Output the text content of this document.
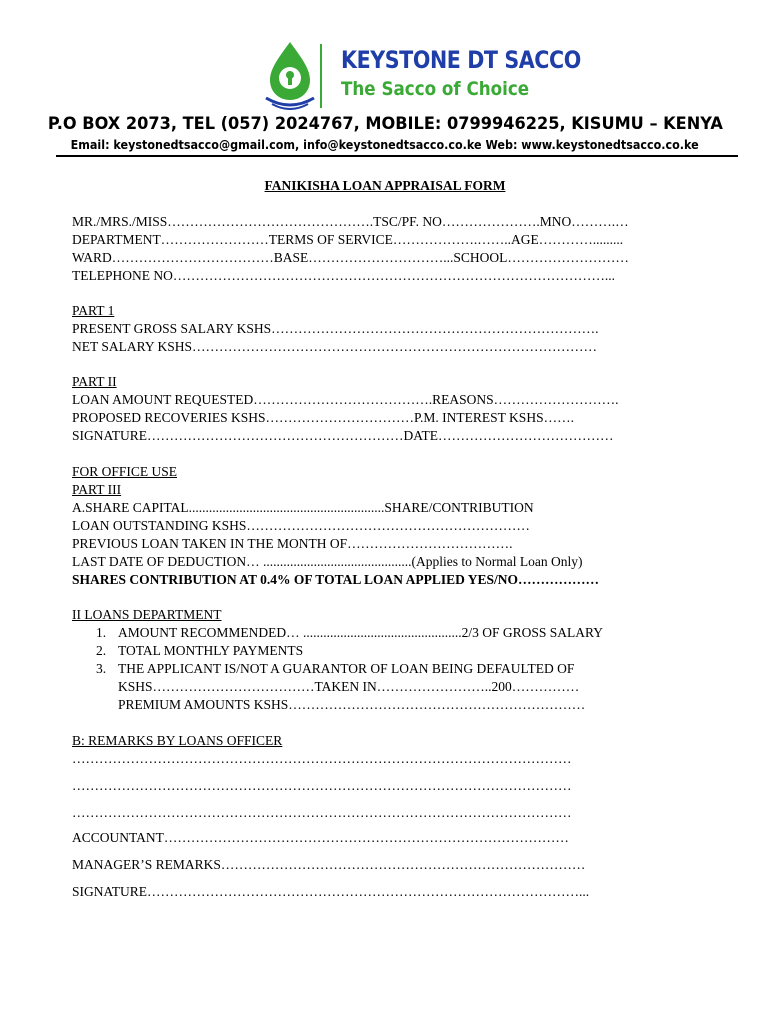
KEYSTONE DT SACCO
The Sacco of Choice
P.O BOX 2073, TEL (057) 2024767, MOBILE: 0799946225, KISUMU – KENYA
Email: keystonedtsacco@gmail.com, info@keystonedtsacco.co.ke Web: www.keystonedtsacco.co.ke
FANIKISHA LOAN APPRAISAL FORM
MR./MRS./MISS……………………………………….TSC/PF. NO………………….MNO……….…
DEPARTMENT……………………TERMS OF SERVICE……………….……..AGE………….........
WARD………………………………BASE…………………………...SCHOOL………………………
TELEPHONE NO……………………………………………………………………………………...
PART 1
PRESENT GROSS SALARY KSHS……………………………………………………………….
NET SALARY KSHS………………………………………………………………………………
PART II
LOAN AMOUNT REQUESTED………………………………….REASONS……………………….
PROPOSED RECOVERIES KSHS……………………………P.M. INTEREST KSHS…….
SIGNATURE…………………………………………………DATE…………………………………
FOR OFFICE USE
PART III
A.SHARE CAPITAL..........................................................SHARE/CONTRIBUTION
LOAN OUTSTANDING KSHS………………………………………………………
PREVIOUS LOAN TAKEN IN THE MONTH OF……………………………….
LAST DATE OF DEDUCTION… ............................................(Applies to Normal Loan Only)
SHARES CONTRIBUTION AT 0.4% OF TOTAL LOAN APPLIED YES/NO………………
II LOANS DEPARTMENT
1. AMOUNT RECOMMENDED… ...............................................2/3 OF GROSS SALARY
2. TOTAL MONTHLY PAYMENTS
3. THE APPLICANT IS/NOT A GUARANTOR OF LOAN BEING DEFAULTED OF
KSHS………………………………TAKEN IN……………………..200……………
PREMIUM AMOUNTS KSHS…………………………………………………………
B: REMARKS BY LOANS OFFICER
…………………………………………………………………………………………………
…………………………………………………………………………………………………
…………………………………………………………………………………………………
ACCOUNTANT………………………………………………………………………………
MANAGER’S REMARKS………………………………………………………………………
SIGNATURE……………………………………………………………………………………...
